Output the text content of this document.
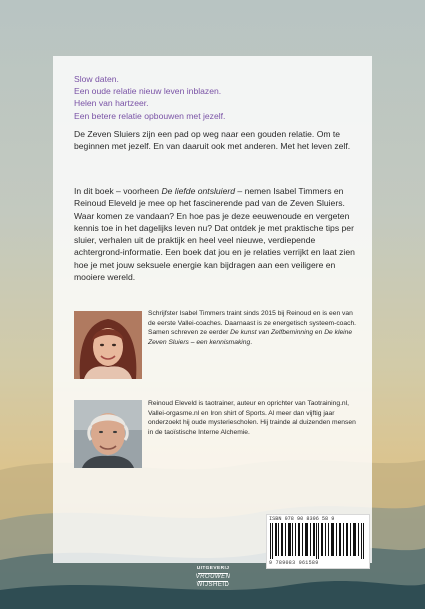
Slow daten.
Een oude relatie nieuw leven inblazen.
Helen van hartzeer.
Een betere relatie opbouwen met jezelf.
De Zeven Sluiers zijn een pad op weg naar een gouden relatie. Om te beginnen met jezelf. En van daaruit ook met anderen. Met het leven zelf.
In dit boek – voorheen De liefde ontsluierd – nemen Isabel Timmers en Reinoud Eleveld je mee op het fascinerende pad van de Zeven Sluiers. Waar komen ze vandaan? En hoe pas je deze eeuwenoude en vergeten kennis toe in het dagelijks leven nu? Dat ontdek je met praktische tips per sluier, verhalen uit de praktijk en heel veel nieuwe, verdiepende achtergrond-informatie. Een boek dat jou en je relaties verrijkt en laat zien hoe je met jouw seksuele energie kan bijdragen aan een veiligere en mooiere wereld.
Schrijfster Isabel Timmers traint sinds 2015 bij Reinoud en is een van de eerste Vallei-coaches. Daarnaast is ze energetisch systeem-coach. Samen schreven ze eerder De kunst van Zelfbeminning en De kleine Zeven Sluiers – een kennismaking.
Reinoud Eleveld is taotrainer, auteur en oprichter van Taotraining.nl, Vallei-orgasme.nl en Iron shirt of Sports. Al meer dan vijftig jaar onderzoekt hij oude mysteriescholen. Hij trainde al duizenden mensen in de taoïstische Interne Alchemie.
ISBN 978 90 8396 58 9
9 789083 961589
UITGEVERIJ
VROUWEN
WIJSHEID
